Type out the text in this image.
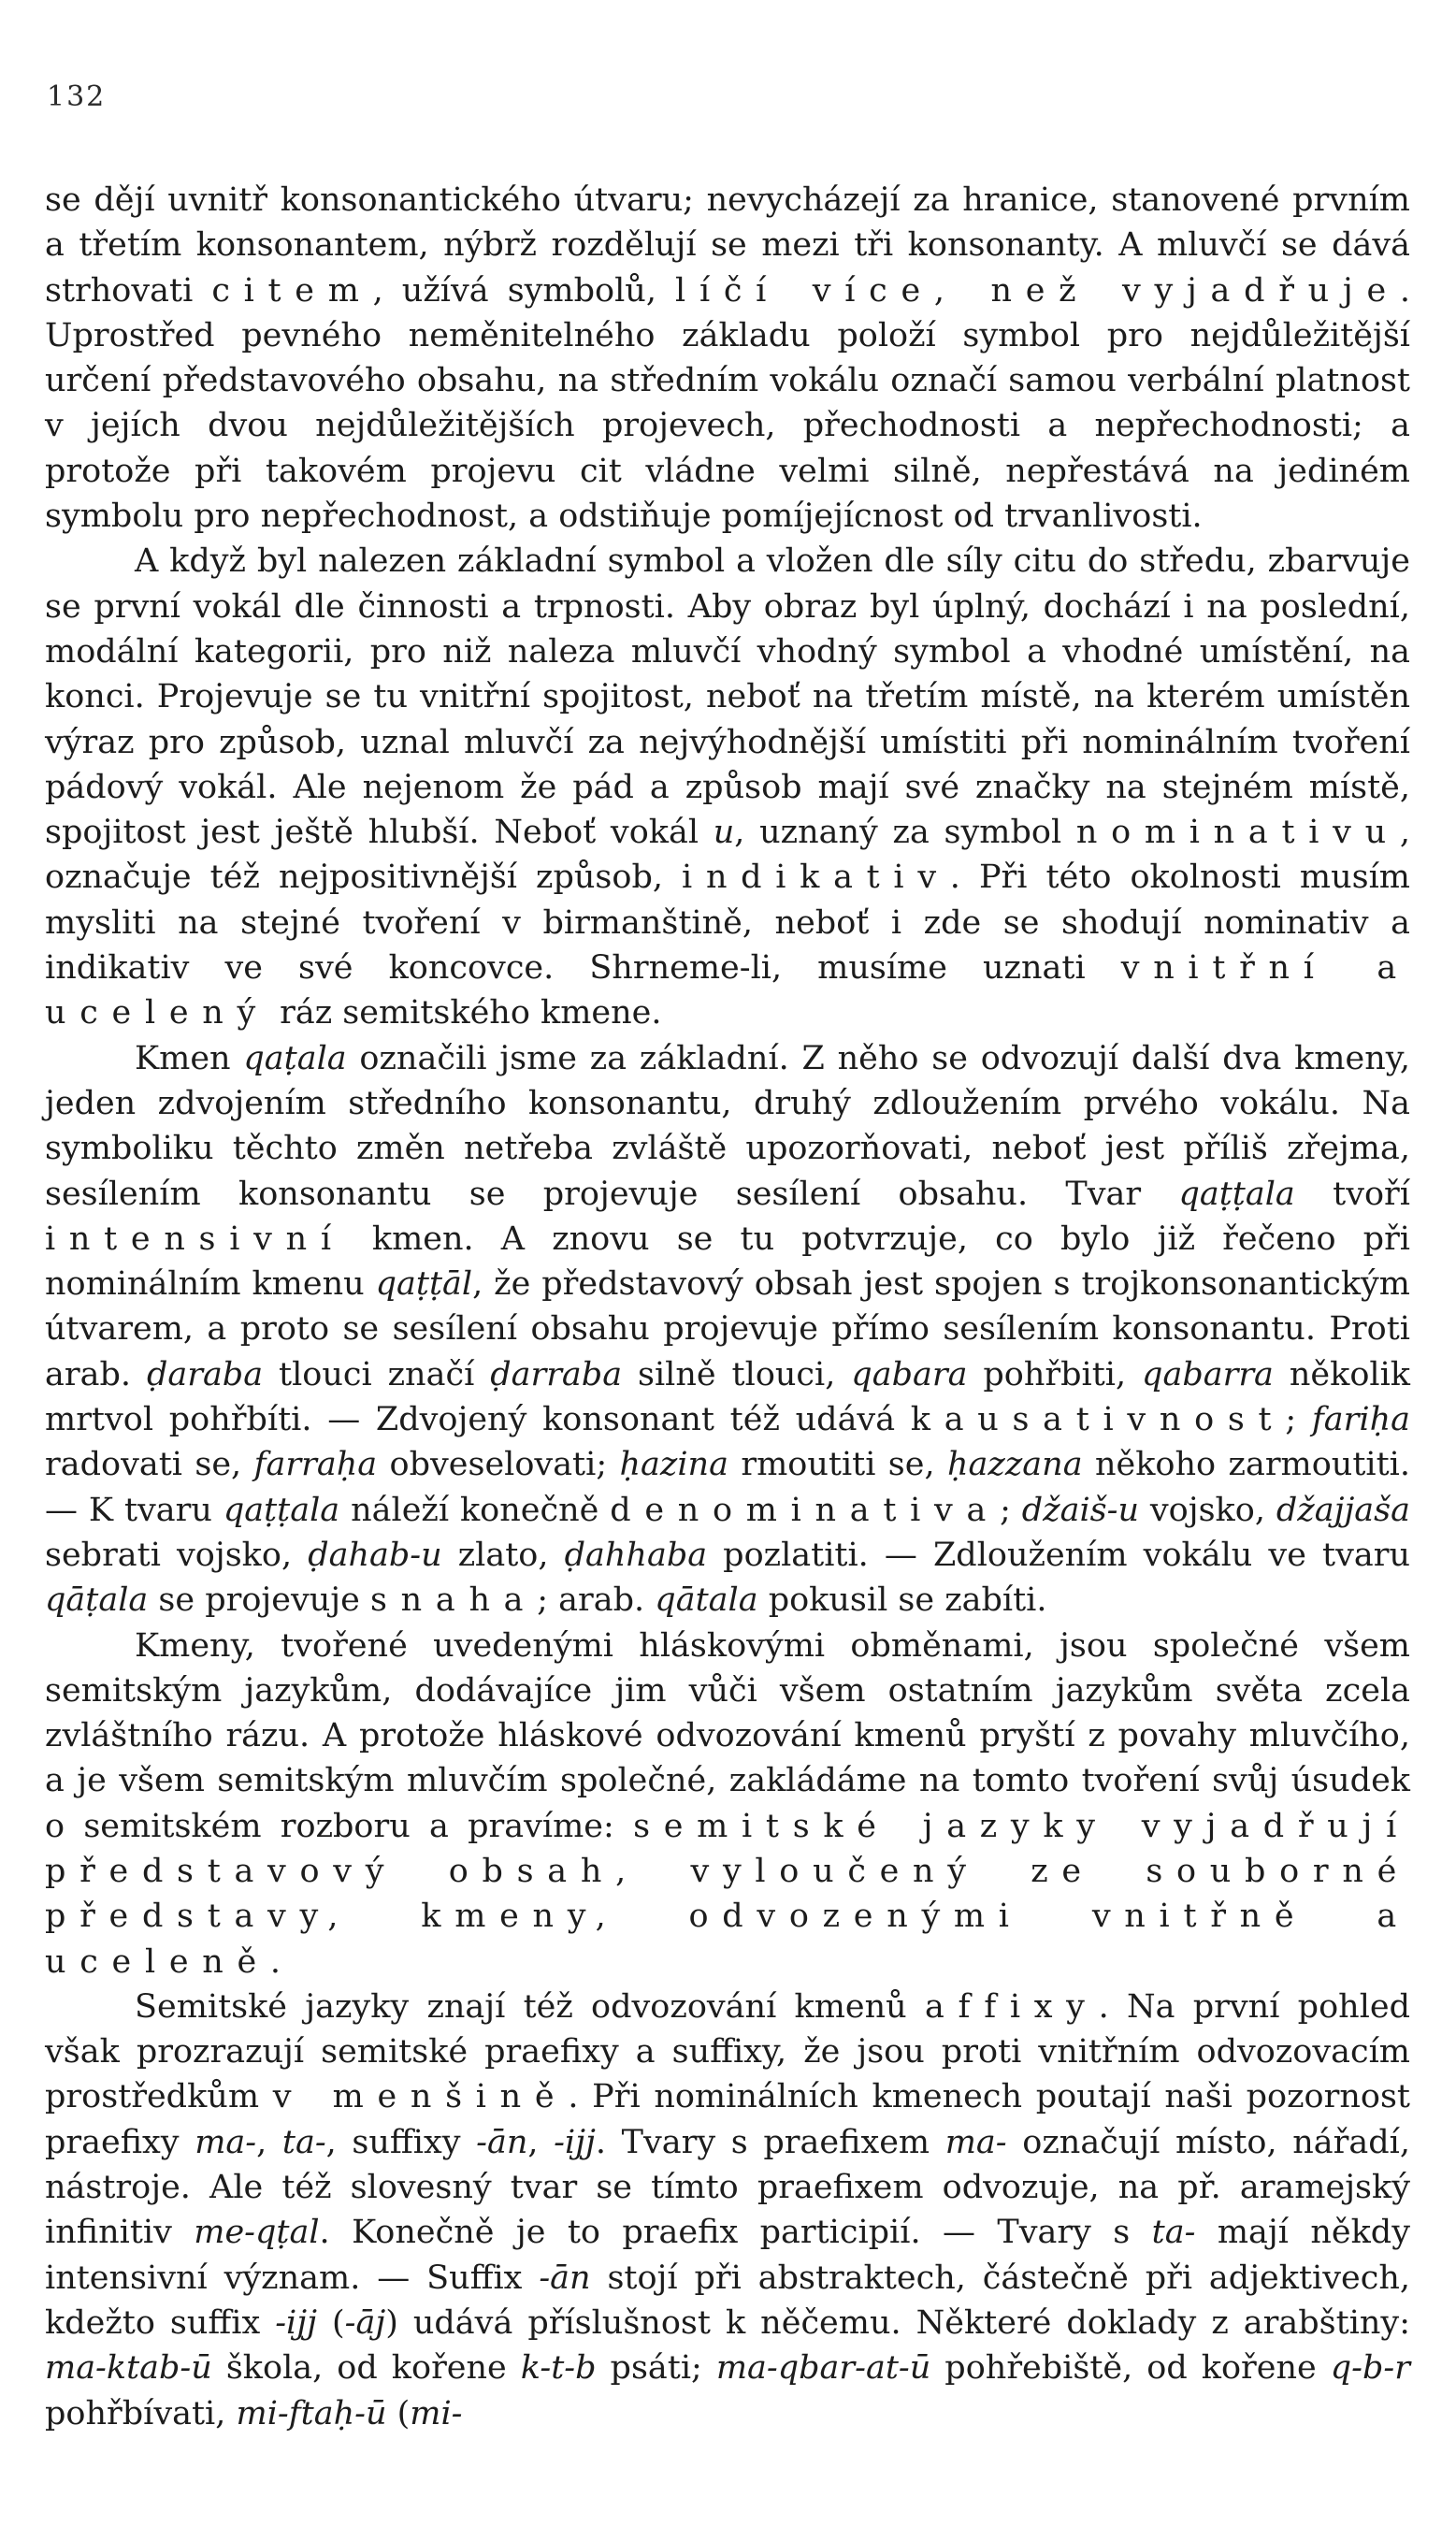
132

se dějí uvnitř konsonantického útvaru; nevycházejí za hranice, stanovené prvním a třetím konsonantem, nýbrž rozdělují se mezi tři konsonanty. A mluvčí se dává strhovati citem, užívá symbolů, líčí více, než vyjadřuje. Uprostřed pevného neměnitelného základu položí symbol pro nejdůležitější určení představového obsahu, na středním vokálu označí samou verbální platnost v jejích dvou nejdůležitějších projevech, přechodnosti a nepřechodnosti; a protože při takovém projevu cit vládne velmi silně, nepřestává na jediném symbolu pro nepřechodnost, a odstiňuje pomíjejícnost od trvanlivosti.

A když byl nalezen základní symbol a vložen dle síly citu do středu, zbarvuje se první vokál dle činnosti a trpnosti. Aby obraz byl úplný, dochází i na poslední, modální kategorii, pro niž naleza mluvčí vhodný symbol a vhodné umístění, na konci. Projevuje se tu vnitřní spojitost, neboť na třetím místě, na kterém umístěn výraz pro způsob, uznal mluvčí za nejvýhodnější umístiti při nominálním tvoření pádový vokál. Ale nejenom že pád a způsob mají své značky na stejném místě, spojitost jest ještě hlubší. Neboť vokál u, uznaný za symbol nominativu, označuje též nejpositivnější způsob, indikativ. Při této okolnosti musím mysliti na stejné tvoření v birmanštině, neboť i zde se shodují nominativ a indikativ ve své koncovce. Shrneme-li, musíme uznati vnitřní a ucelený ráz semitského kmene.

Kmen qaṭala označili jsme za základní. Z něho se odvozují další dva kmeny, jeden zdvojením středního konsonantu, druhý zdloužením prvého vokálu. Na symboliku těchto změn netřeba zvláště upozorňovati, neboť jest příliš zřejma, sesílením konsonantu se projevuje sesílení obsahu. Tvar qaṭṭala tvoří intensivní kmen. A znovu se tu potvrzuje, co bylo již řečeno při nominálním kmenu qaṭṭāl, že představový obsah jest spojen s trojkonsonantickým útvarem, a proto se sesílení obsahu projevuje přímo sesílením konsonantu. Proti arab. ḍaraba tlouci značí ḍarraba silně tlouci, qabara pohřbiti, qabarra několik mrtvol pohřbíti. — Zdvojený konsonant též udává kausativnost; fariḥa radovati se, farraḥa obveselovati; ḥazina rmoutiti se, ḥazzana někoho zarmoutiti. — K tvaru qaṭṭala náleží konečně denominativa; džaiš-u vojsko, džajjaša sebrati vojsko, ḍahab-u zlato, ḍahhaba pozlatiti. — Zdloužením vokálu ve tvaru qāṭala se projevuje snaha; arab. qātala pokusil se zabíti.

Kmeny, tvořené uvedenými hláskovými obměnami, jsou společné všem semitským jazykům, dodávajíce jim vůči všem ostatním jazykům světa zcela zvláštního rázu. A protože hláskové odvozování kmenů pryští z povahy mluvčího, a je všem semitským mluvčím společné, zakládáme na tomto tvoření svůj úsudek o semitském rozboru a pravíme: semitské jazyky vyjadřují představový obsah, vyloučený ze souborné představy, kmeny, odvozenými vnitřně a uceleně.

Semitské jazyky znají též odvozování kmenů affixy. Na první pohled však prozrazují semitské praefixy a suffixy, že jsou proti vnitřním odvozovacím prostředkům v menšině. Při nominálních kmenech poutají naši pozornost praefixy ma-, ta-, suffixy -ān, -ijj. Tvary s praefixem ma- označují místo, nářadí, nástroje. Ale též slovesný tvar se tímto praefixem odvozuje, na př. aramejský infinitiv me-qṭal. Konečně je to praefix participií. — Tvary s ta- mají někdy intensivní význam. — Suffix -ān stojí při abstraktech, částečně při adjektivech, kdežto suffix -ijj (-āj) udává příslušnost k něčemu. Některé doklady z arabštiny: ma-ktab-ū škola, od kořene k-t-b psáti; ma-qbar-at-ū pohřebiště, od kořene q-b-r pohřbívati, mi-ftaḥ-ū (mi-
